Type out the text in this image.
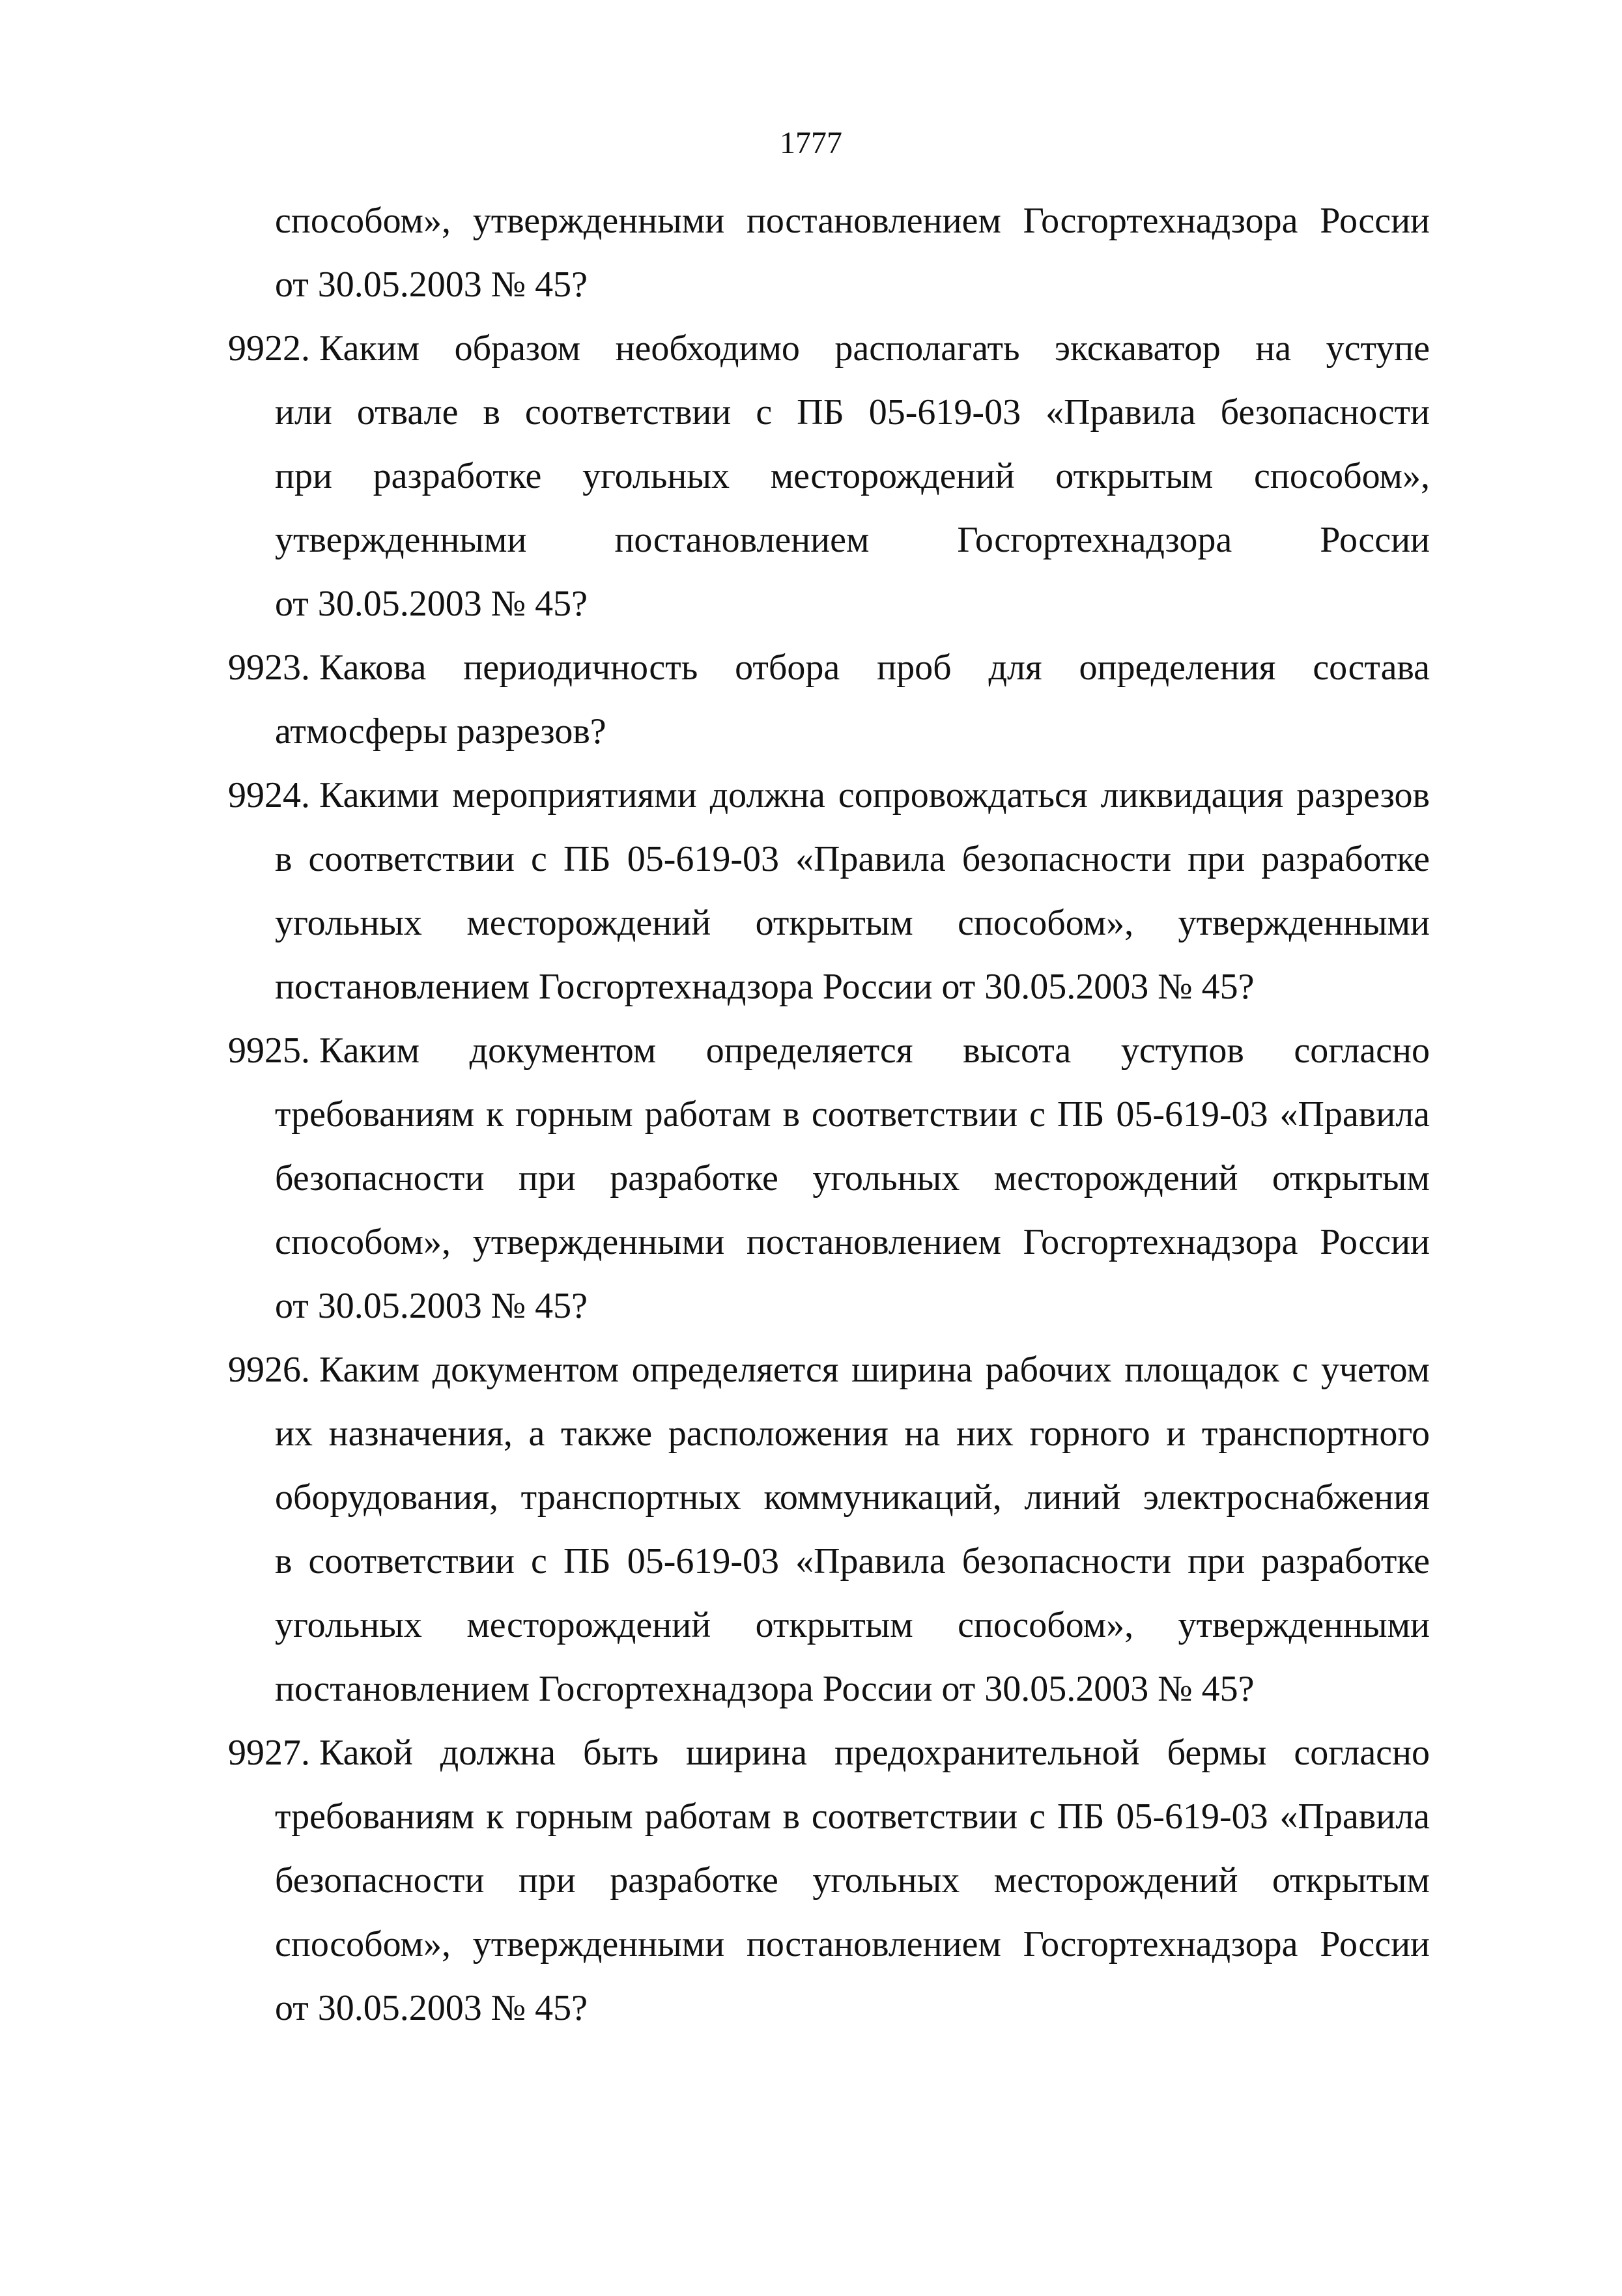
1777
способом», утвержденными постановлением Госгортехнадзора России
от 30.05.2003 № 45?
9922. Каким образом необходимо располагать экскаватор на уступе
или отвале в соответствии с ПБ 05-619-03 «Правила безопасности
при разработке угольных месторождений открытым способом»,
утвержденными постановлением Госгортехнадзора России
от 30.05.2003 № 45?
9923. Какова периодичность отбора проб для определения состава
атмосферы разрезов?
9924. Какими мероприятиями должна сопровождаться ликвидация разрезов
в соответствии с ПБ 05-619-03 «Правила безопасности при разработке
угольных месторождений открытым способом», утвержденными
постановлением Госгортехнадзора России от 30.05.2003 № 45?
9925. Каким документом определяется высота уступов согласно
требованиям к горным работам в соответствии с ПБ 05-619-03 «Правила
безопасности при разработке угольных месторождений открытым
способом», утвержденными постановлением Госгортехнадзора России
от 30.05.2003 № 45?
9926. Каким документом определяется ширина рабочих площадок с учетом
их назначения, а также расположения на них горного и транспортного
оборудования, транспортных коммуникаций, линий электроснабжения
в соответствии с ПБ 05-619-03 «Правила безопасности при разработке
угольных месторождений открытым способом», утвержденными
постановлением Госгортехнадзора России от 30.05.2003 № 45?
9927. Какой должна быть ширина предохранительной бермы согласно
требованиям к горным работам в соответствии с ПБ 05-619-03 «Правила
безопасности при разработке угольных месторождений открытым
способом», утвержденными постановлением Госгортехнадзора России
от 30.05.2003 № 45?
